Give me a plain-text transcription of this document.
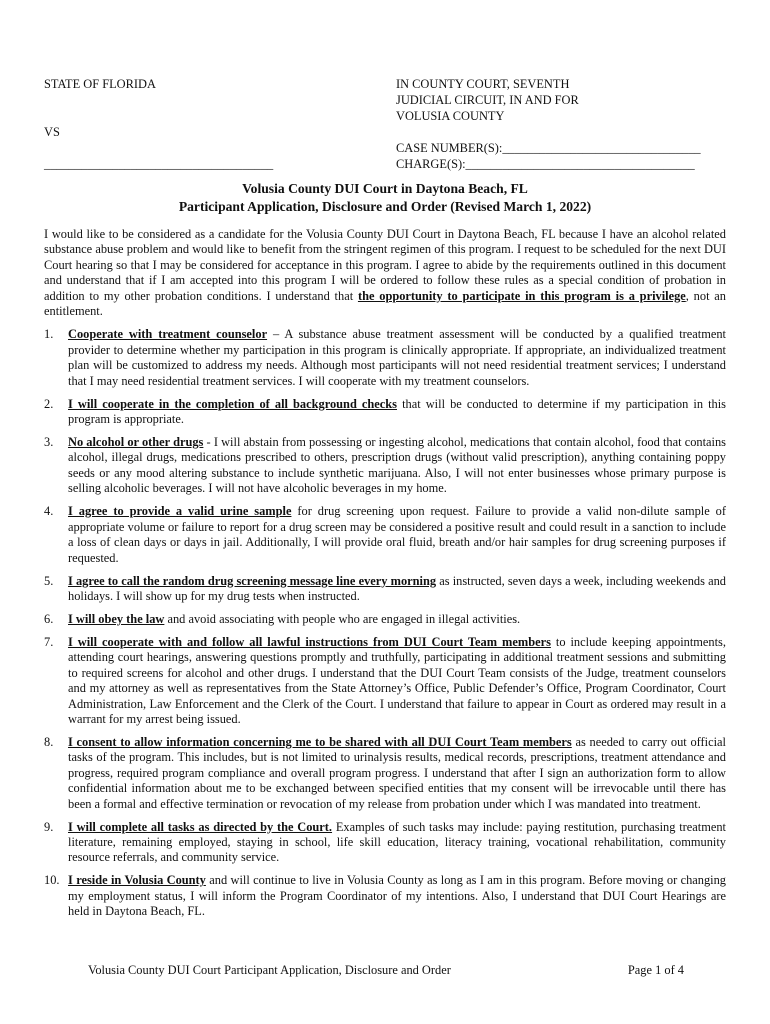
STATE OF FLORIDA
VS
_____________________________________
IN COUNTY COURT, SEVENTH
JUDICIAL CIRCUIT, IN AND FOR
VOLUSIA COUNTY
CASE NUMBER(S):________________________________
CHARGE(S):_____________________________________
Volusia County DUI Court in Daytona Beach, FL
Participant Application, Disclosure and Order (Revised March 1, 2022)

I would like to be considered as a candidate for the Volusia County DUI Court in Daytona Beach, FL because I have an alcohol related substance abuse problem and would like to benefit from the stringent regimen of this program. I request to be scheduled for the next DUI Court hearing so that I may be considered for acceptance in this program. I agree to abide by the requirements outlined in this document and understand that if I am accepted into this program I will be ordered to follow these rules as a special condition of probation in addition to my other probation conditions. I understand that the opportunity to participate in this program is a privilege, not an entitlement.

1. Cooperate with treatment counselor – A substance abuse treatment assessment will be conducted by a qualified treatment provider to determine whether my participation in this program is clinically appropriate. If appropriate, an individualized treatment plan will be customized to address my needs. Although most participants will not need residential treatment services; I understand that I may need residential treatment services. I will cooperate with my treatment counselors.
2. I will cooperate in the completion of all background checks that will be conducted to determine if my participation in this program is appropriate.
3. No alcohol or other drugs - I will abstain from possessing or ingesting alcohol, medications that contain alcohol, food that contains alcohol, illegal drugs, medications prescribed to others, prescription drugs (without valid prescription), anything containing poppy seeds or any mood altering substance to include synthetic marijuana. Also, I will not enter businesses whose primary purpose is selling alcoholic beverages. I will not have alcoholic beverages in my home.
4. I agree to provide a valid urine sample for drug screening upon request. Failure to provide a valid non-dilute sample of appropriate volume or failure to report for a drug screen may be considered a positive result and could result in a sanction to include a loss of clean days or days in jail. Additionally, I will provide oral fluid, breath and/or hair samples for drug screening purposes if requested.
5. I agree to call the random drug screening message line every morning as instructed, seven days a week, including weekends and holidays. I will show up for my drug tests when instructed.
6. I will obey the law and avoid associating with people who are engaged in illegal activities.
7. I will cooperate with and follow all lawful instructions from DUI Court Team members to include keeping appointments, attending court hearings, answering questions promptly and truthfully, participating in additional treatment sessions and submitting to required screens for alcohol and other drugs. I understand that the DUI Court Team consists of the Judge, treatment counselors and my attorney as well as representatives from the State Attorney’s Office, Public Defender’s Office, Program Coordinator, Court Administration, Law Enforcement and the Clerk of the Court. I understand that failure to appear in Court as ordered may result in a warrant for my arrest being issued.
8. I consent to allow information concerning me to be shared with all DUI Court Team members as needed to carry out official tasks of the program. This includes, but is not limited to urinalysis results, medical records, prescriptions, treatment attendance and progress, required program compliance and overall program progress. I understand that after I sign an authorization form to allow confidential information about me to be exchanged between specified entities that my consent will be irrevocable until there has been a formal and effective termination or revocation of my release from probation under which I was mandated into treatment.
9. I will complete all tasks as directed by the Court. Examples of such tasks may include: paying restitution, purchasing treatment literature, remaining employed, staying in school, life skill education, literacy training, vocational rehabilitation, community resource referrals, and community service.
10. I reside in Volusia County and will continue to live in Volusia County as long as I am in this program. Before moving or changing my employment status, I will inform the Program Coordinator of my intentions. Also, I understand that DUI Court Hearings are held in Daytona Beach, FL.
Volusia County DUI Court Participant Application, Disclosure and Order	Page 1 of 4
